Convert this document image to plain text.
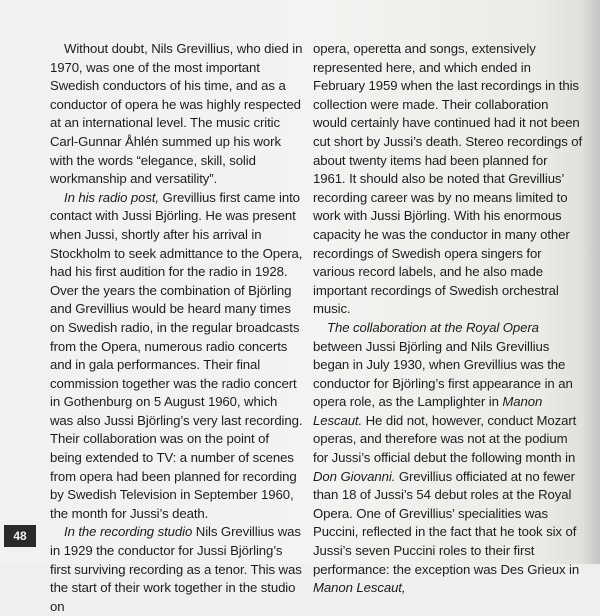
Without doubt, Nils Grevillius, who died in 1970, was one of the most important Swedish conductors of his time, and as a conductor of opera he was highly respected at an international level. The music critic Carl-Gunnar Åhlén summed up his work with the words “elegance, skill, solid workmanship and versatility”.

In his radio post, Grevillius first came into contact with Jussi Björling. He was present when Jussi, shortly after his arrival in Stockholm to seek admittance to the Opera, had his first audition for the radio in 1928. Over the years the combination of Björling and Grevillius would be heard many times on Swedish radio, in the regular broadcasts from the Opera, numerous radio concerts and in gala performances. Their final commission together was the radio concert in Gothenburg on 5 August 1960, which was also Jussi Björling’s very last recording. Their collaboration was on the point of being extended to TV: a number of scenes from opera had been planned for recording by Swedish Television in September 1960, the month for Jussi’s death.

In the recording studio Nils Grevillius was in 1929 the conductor for Jussi Björling’s first surviving recording as a tenor. This was the start of their work together in the studio on

opera, operetta and songs, extensively represented here, and which ended in February 1959 when the last recordings in this collection were made. Their collaboration would certainly have continued had it not been cut short by Jussi’s death. Stereo recordings of about twenty items had been planned for 1961. It should also be noted that Grevillius’ recording career was by no means limited to work with Jussi Björling. With his enormous capacity he was the conductor in many other recordings of Swedish opera singers for various record labels, and he also made important recordings of Swedish orchestral music.

The collaboration at the Royal Opera between Jussi Björling and Nils Grevillius began in July 1930, when Grevillius was the conductor for Björling’s first appearance in an opera role, as the Lamplighter in Manon Lescaut. He did not, however, conduct Mozart operas, and therefore was not at the podium for Jussi’s official debut the following month in Don Giovanni. Grevillius officiated at no fewer than 18 of Jussi’s 54 debut roles at the Royal Opera. One of Grevillius’ specialities was Puccini, reflected in the fact that he took six of Jussi’s seven Puccini roles to their first performance: the exception was Des Grieux in Manon Lescaut,

48
